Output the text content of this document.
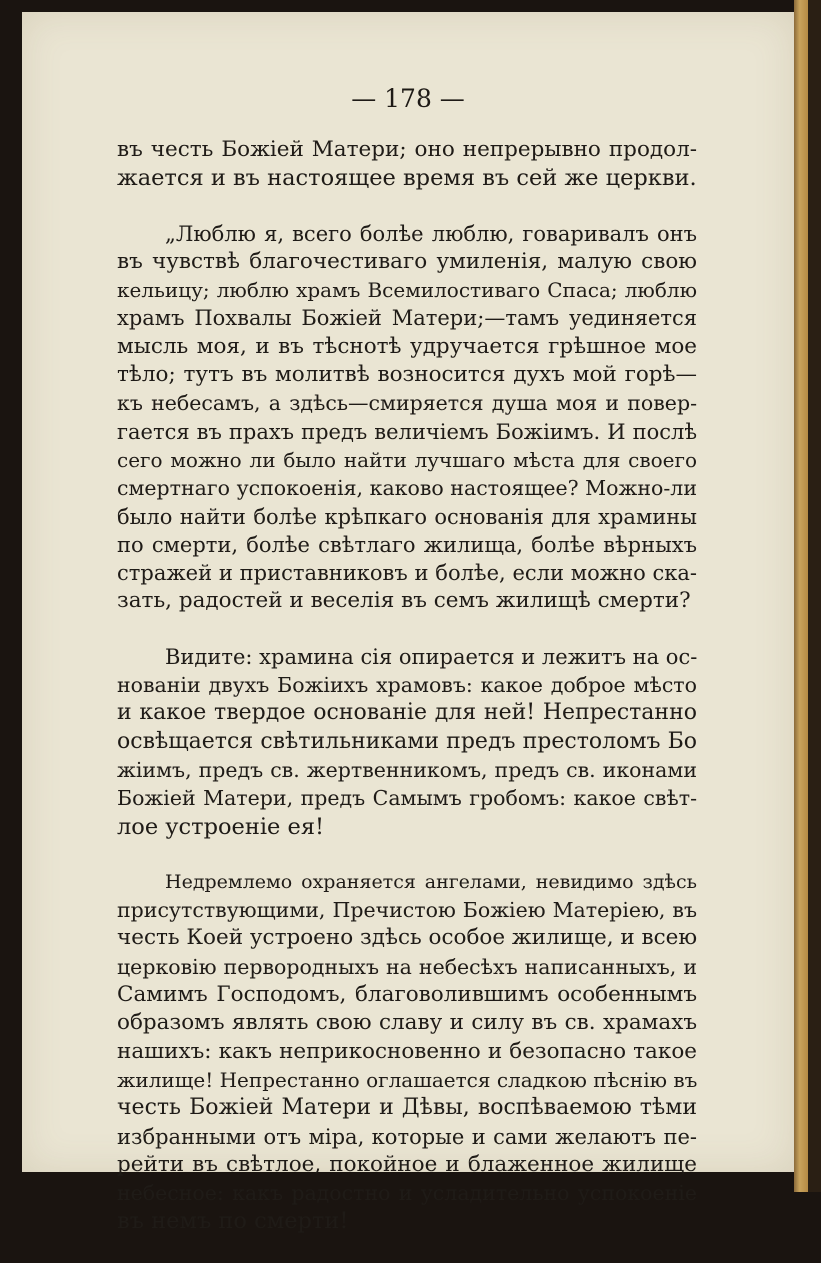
— 178 —
въ честь Божіей Матери; оно непрерывно продол-
жается и въ настоящее время въ сей же церкви.
„Люблю я, всего болѣе люблю, говаривалъ онъ
въ чувствѣ благочестиваго умиленія, малую свою
кельицу; люблю храмъ Всемилостиваго Спаса; люблю
храмъ Похвалы Божіей Матери;—тамъ уединяется
мысль моя, и въ тѣснотѣ удручается грѣшное мое
тѣло; тутъ въ молитвѣ возносится духъ мой горѣ—
къ небесамъ, а здѣсь—смиряется душа моя и повер-
гается въ прахъ предъ величіемъ Божіимъ. И послѣ
сего можно ли было найти лучшаго мѣста для своего
смертнаго успокоенія, каково настоящее? Можно-ли
было найти болѣе крѣпкаго основанія для храмины
по смерти, болѣе свѣтлаго жилища, болѣе вѣрныхъ
стражей и приставниковъ и болѣе, если можно ска-
зать, радостей и веселія въ семъ жилищѣ смерти?
Видите: храмина сія опирается и лежитъ на ос-
нованіи двухъ Божіихъ храмовъ: какое доброе мѣсто
и какое твердое основаніе для ней! Непрестанно
освѣщается свѣтильниками предъ престоломъ Бо
жіимъ, предъ св. жертвенникомъ, предъ св. иконами
Божіей Матери, предъ Самымъ гробомъ: какое свѣт-
лое устроеніе ея!
Недремлемо охраняется ангелами, невидимо здѣсь
присутствующими, Пречистою Божіею Матеріею, въ
честь Коей устроено здѣсь особое жилище, и всею
церковію первородныхъ на небесѣхъ написанныхъ, и
Самимъ Господомъ, благоволившимъ особеннымъ
образомъ являть свою славу и силу въ св. храмахъ
нашихъ: какъ неприкосновенно и безопасно такое
жилище! Непрестанно оглашается сладкою пѣснію въ
честь Божіей Матери и Дѣвы, воспѣваемою тѣми
избранными отъ міра, которые и сами желаютъ пе-
рейти въ свѣтлое, покойное и блаженное жилище
небесное: какъ радостно и усладительно успокоеніе
въ немъ по смерти!
